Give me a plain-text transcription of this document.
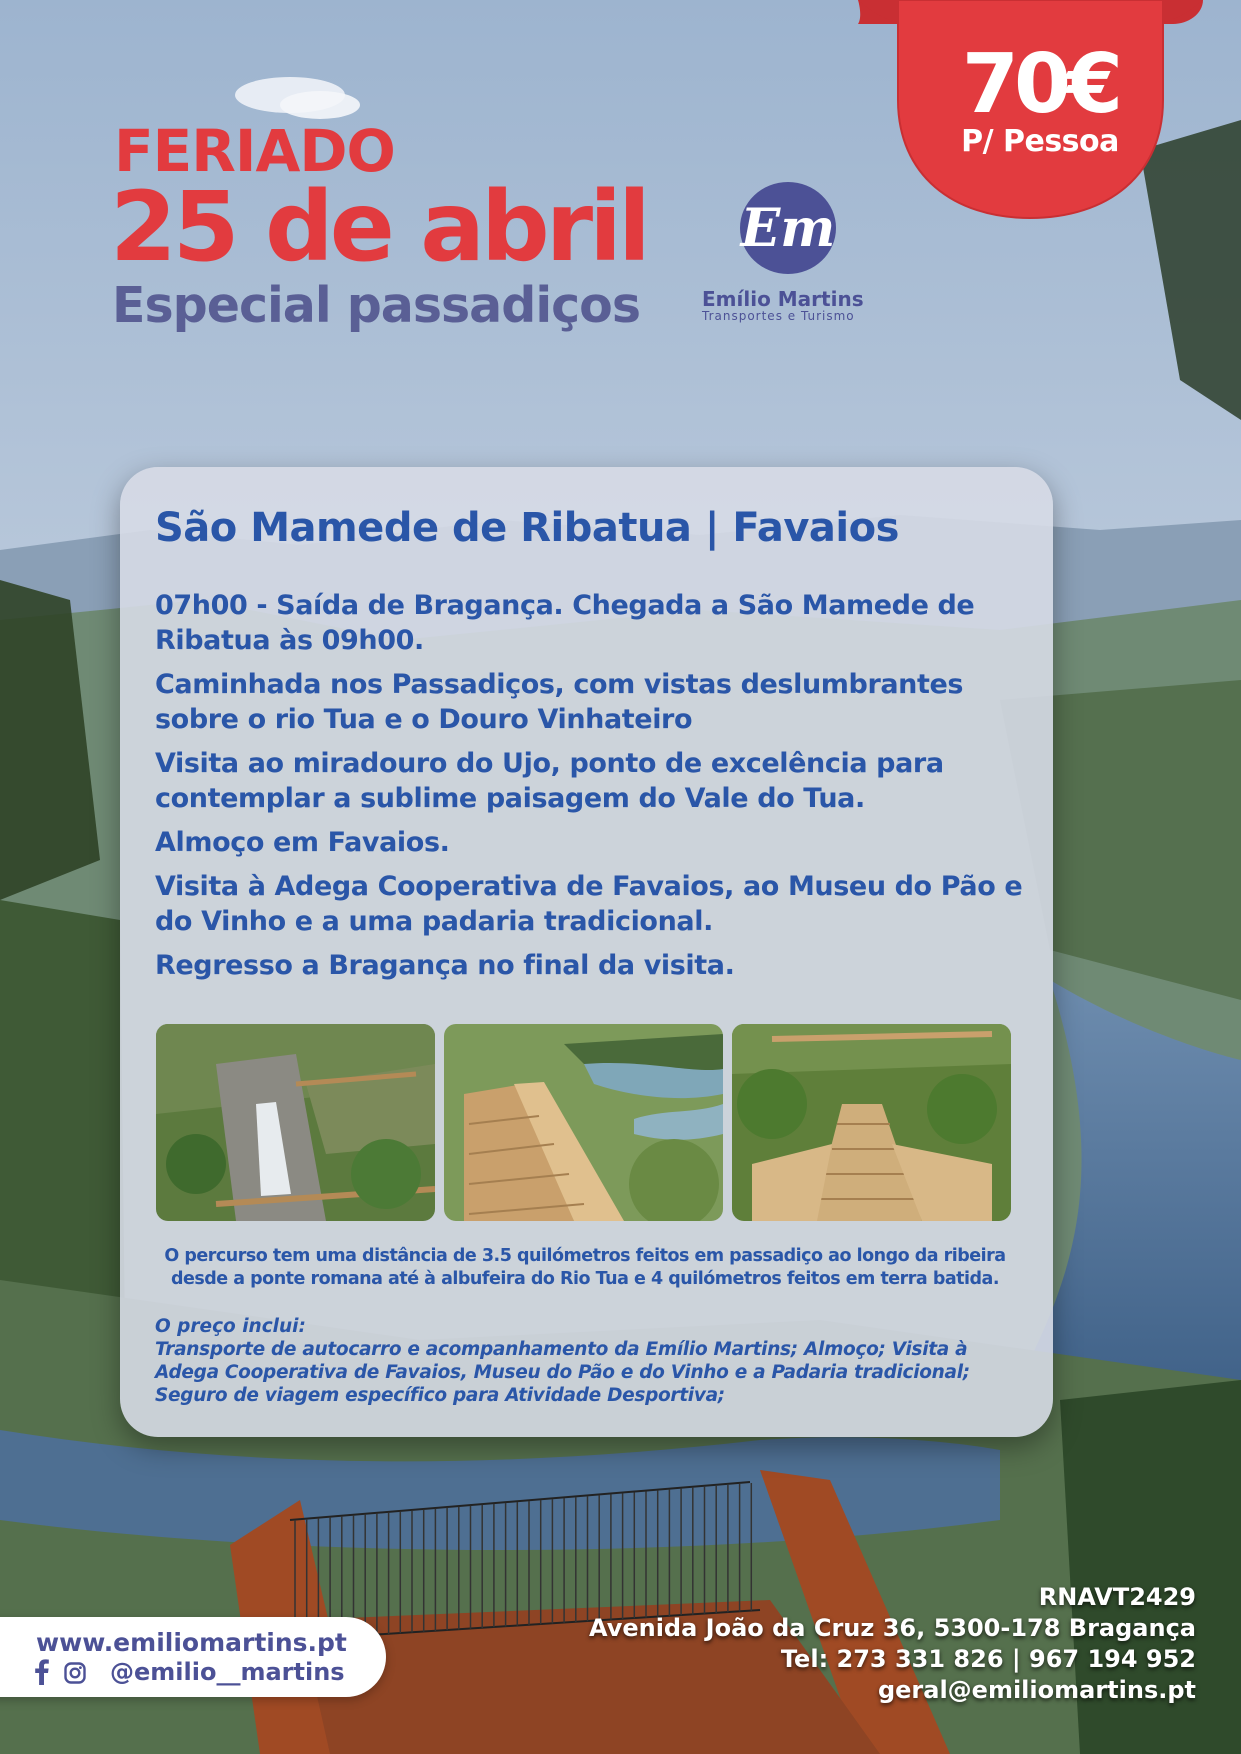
FERIADO
25 de abril
Especial passadiços
Em
Emílio Martins
Transportes e Turismo
70€
P/ Pessoa
São Mamede de Ribatua | Favaios
07h00 - Saída de Bragança. Chegada a São Mamede de Ribatua às 09h00.
Caminhada nos Passadiços, com vistas deslumbrantes sobre o rio Tua e o Douro Vinhateiro
Visita ao miradouro do Ujo, ponto de excelência para contemplar a sublime paisagem do Vale do Tua.
Almoço em Favaios.
Visita à Adega Cooperativa de Favaios, ao Museu do Pão e do Vinho e a uma padaria tradicional.
Regresso a Bragança no final da visita.
O percurso tem uma distância de 3.5 quilómetros feitos em passadiço ao longo da ribeira desde a ponte romana até à albufeira do Rio Tua e 4 quilómetros feitos em terra batida.
O preço inclui:
Transporte de autocarro e acompanhamento da Emílio Martins; Almoço; Visita à Adega Cooperativa de Favaios, Museu do Pão e do Vinho e a Padaria tradicional; Seguro de viagem específico para Atividade Desportiva;
www.emiliomartins.pt
@emilio__martins
RNAVT2429
Avenida João da Cruz 36, 5300-178 Bragança
Tel: 273 331 826 | 967 194 952
geral@emiliomartins.pt
